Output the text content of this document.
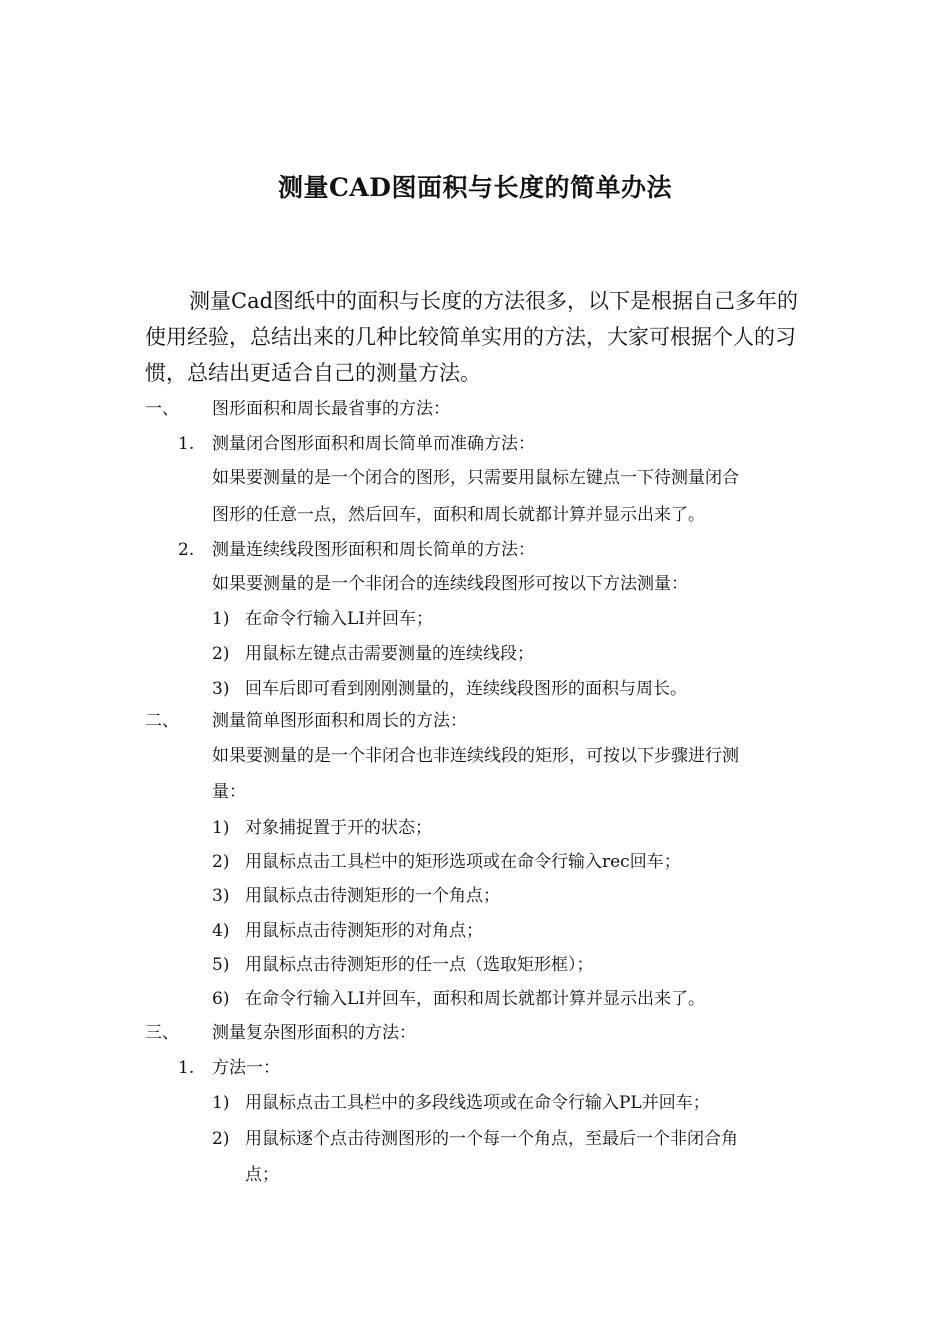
测量CAD图面积与长度的简单办法
测量Cad图纸中的面积与长度的方法很多，以下是根据自己多年的使用经验，总结出来的几种比较简单实用的方法，大家可根据个人的习惯，总结出更适合自己的测量方法。
一、 图形面积和周长最省事的方法：
1. 测量闭合图形面积和周长简单而准确方法：
如果要测量的是一个闭合的图形，只需要用鼠标左键点一下待测量闭合
图形的任意一点，然后回车，面积和周长就都计算并显示出来了。
2. 测量连续线段图形面积和周长简单的方法：
如果要测量的是一个非闭合的连续线段图形可按以下方法测量：
1) 在命令行输入LI并回车；
2) 用鼠标左键点击需要测量的连续线段；
3) 回车后即可看到刚刚测量的，连续线段图形的面积与周长。
二、 测量简单图形面积和周长的方法：
如果要测量的是一个非闭合也非连续线段的矩形，可按以下步骤进行测
量：
1) 对象捕捉置于开的状态；
2) 用鼠标点击工具栏中的矩形选项或在命令行输入rec回车；
3) 用鼠标点击待测矩形的一个角点；
4) 用鼠标点击待测矩形的对角点；
5) 用鼠标点击待测矩形的任一点（选取矩形框）；
6) 在命令行输入LI并回车，面积和周长就都计算并显示出来了。
三、 测量复杂图形面积的方法：
1. 方法一：
1) 用鼠标点击工具栏中的多段线选项或在命令行输入PL并回车；
2) 用鼠标逐个点击待测图形的一个每一个角点，至最后一个非闭合角
点；
